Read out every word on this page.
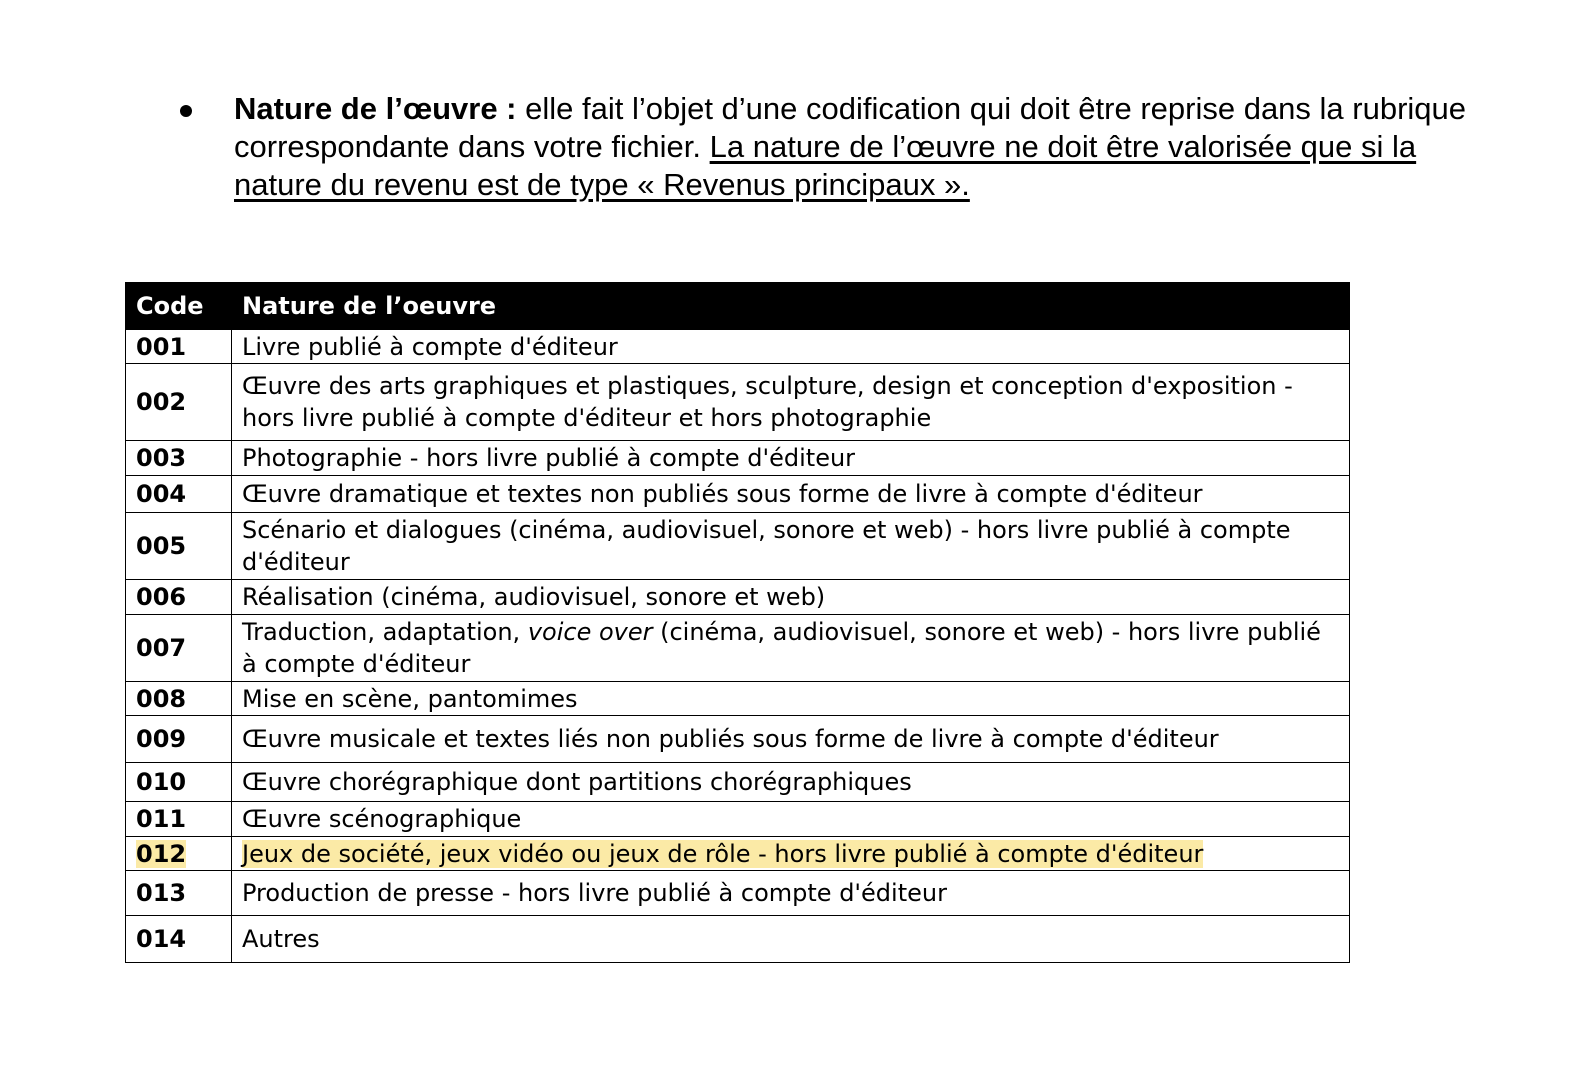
Nature de l’œuvre : elle fait l’objet d’une codification qui doit être reprise dans la rubrique correspondante dans votre fichier. La nature de l’œuvre ne doit être valorisée que si la nature du revenu est de type « Revenus principaux ».
Code	Nature de l’oeuvre
001	Livre publié à compte d'éditeur
002	Œuvre des arts graphiques et plastiques, sculpture, design et conception d'exposition - hors livre publié à compte d'éditeur et hors photographie
003	Photographie - hors livre publié à compte d'éditeur
004	Œuvre dramatique et textes non publiés sous forme de livre à compte d'éditeur
005	Scénario et dialogues (cinéma, audiovisuel, sonore et web) - hors livre publié à compte d'éditeur
006	Réalisation (cinéma, audiovisuel, sonore et web)
007	Traduction, adaptation, voice over (cinéma, audiovisuel, sonore et web) - hors livre publié à compte d'éditeur
008	Mise en scène, pantomimes
009	Œuvre musicale et textes liés non publiés sous forme de livre à compte d'éditeur
010	Œuvre chorégraphique dont partitions chorégraphiques
011	Œuvre scénographique
012	Jeux de société, jeux vidéo ou jeux de rôle - hors livre publié à compte d'éditeur
013	Production de presse - hors livre publié à compte d'éditeur
014	Autres
